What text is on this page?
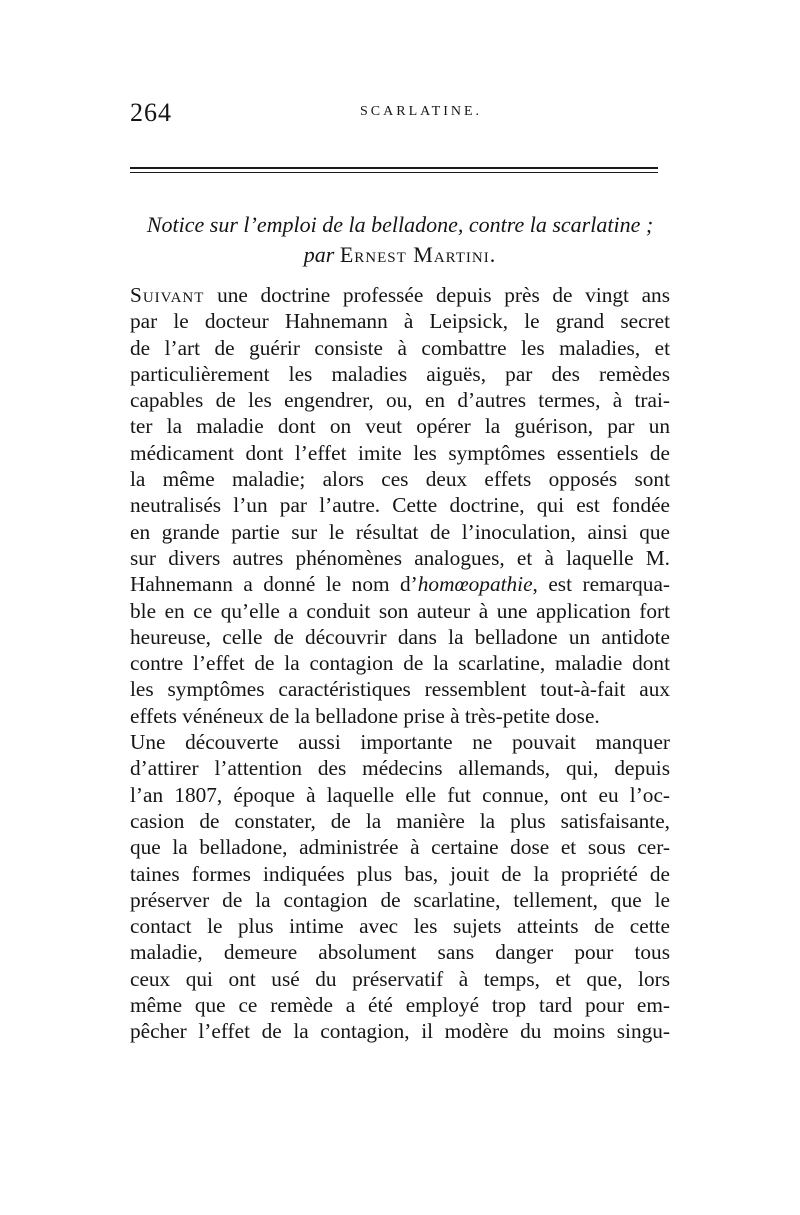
264	SCARLATINE.
Notice sur l’emploi de la belladone, contre la scarlatine ;
par Ernest Martini.
Suivant une doctrine professée depuis près de vingt ans
par le docteur Hahnemann à Leipsick, le grand secret
de l’art de guérir consiste à combattre les maladies, et
particulièrement les maladies aiguës, par des remèdes
capables de les engendrer, ou, en d’autres termes, à trai-
ter la maladie dont on veut opérer la guérison, par un
médicament dont l’effet imite les symptômes essentiels de
la même maladie; alors ces deux effets opposés sont
neutralisés l’un par l’autre. Cette doctrine, qui est fondée
en grande partie sur le résultat de l’inoculation, ainsi que
sur divers autres phénomènes analogues, et à laquelle M.
Hahnemann a donné le nom d’homœopathie, est remarqua-
ble en ce qu’elle a conduit son auteur à une application fort
heureuse, celle de découvrir dans la belladone un antidote
contre l’effet de la contagion de la scarlatine, maladie dont
les symptômes caractéristiques ressemblent tout-à-fait aux
effets vénéneux de la belladone prise à très-petite dose.
Une découverte aussi importante ne pouvait manquer
d’attirer l’attention des médecins allemands, qui, depuis
l’an 1807, époque à laquelle elle fut connue, ont eu l’oc-
casion de constater, de la manière la plus satisfaisante,
que la belladone, administrée à certaine dose et sous cer-
taines formes indiquées plus bas, jouit de la propriété de
préserver de la contagion de scarlatine, tellement, que le
contact le plus intime avec les sujets atteints de cette
maladie, demeure absolument sans danger pour tous
ceux qui ont usé du préservatif à temps, et que, lors
même que ce remède a été employé trop tard pour em-
pêcher l’effet de la contagion, il modère du moins singu-
